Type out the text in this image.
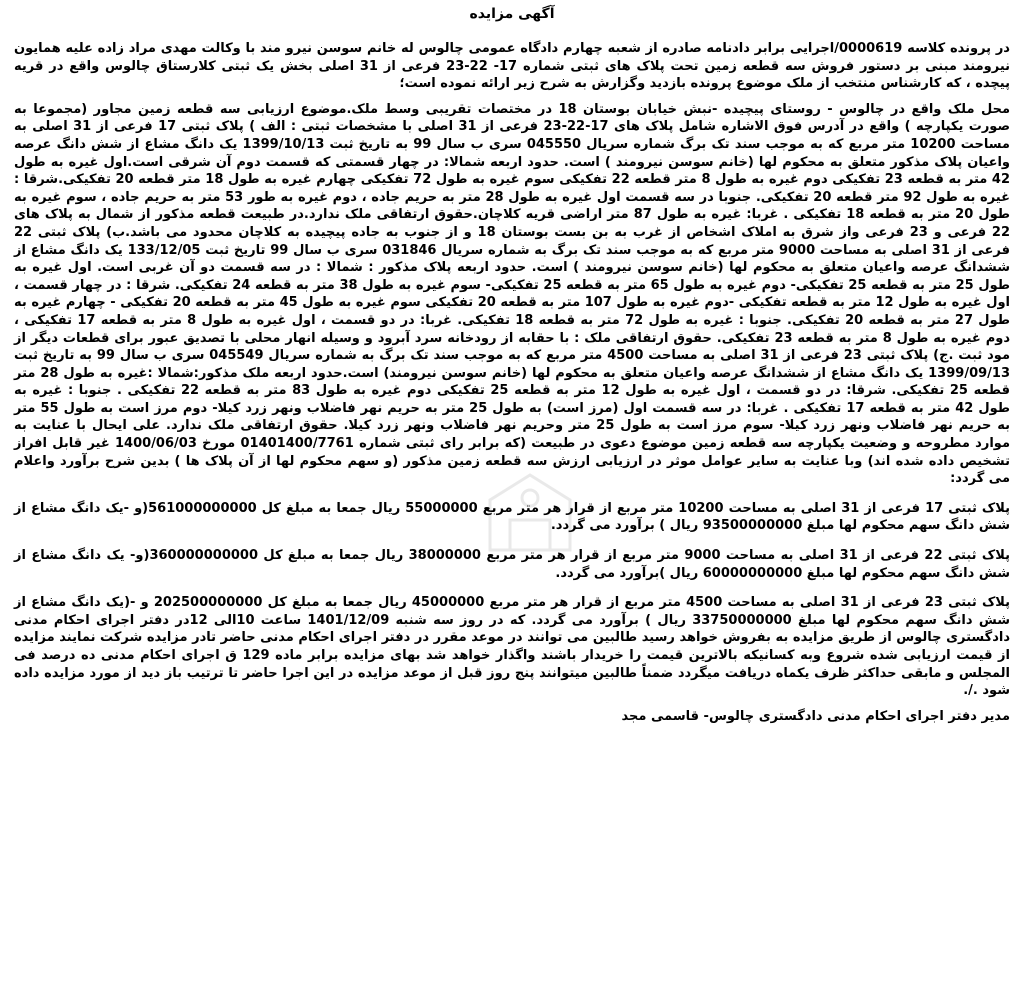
آگهی مزایده

در پرونده کلاسه 0000619/اجرایی برابر دادنامه صادره از شعبه چهارم دادگاه عمومی چالوس له خانم سوسن نیرو مند با وکالت مهدی مراد زاده علیه همایون نیرومند مبنی بر دستور فروش سه قطعه زمین تحت پلاک های ثبتی شماره 17- 22-23 فرعی از 31 اصلی بخش یک ثبتی کلارستاق چالوس واقع در قریه پیچده ، که کارشناس منتخب از ملک موضوع پرونده بازدید وگزارش به شرح زیر ارائه نموده است؛

محل ملک واقع در چالوس - روستای پیچیده -نبش خیابان بوستان 18 در مختصات تقریبی وسط ملک.موضوع ارزیابی سه قطعه زمین مجاور (مجموعا به صورت یکپارچه ) واقع در آدرس فوق الاشاره شامل پلاک های 17-22-23 فرعی از 31 اصلی با مشخصات ثبتی : الف ) پلاک ثبتی 17 فرعی از 31 اصلی به مساحت 10200 متر مربع که به موجب سند تک برگ شماره سریال 045550 سری ب سال 99 به تاریخ ثبت 1399/10/13 یک دانگ مشاع از شش دانگ عرصه واعیان پلاک مذکور متعلق به محکوم لها (خانم سوسن نیرومند ) است. حدود اربعه شمالا: در چهار قسمتی که قسمت دوم آن شرقی است.اول غیره به طول 42 متر به قطعه 23 تفکیکی دوم غیره به طول 8 متر قطعه 22 تفکیکی سوم غیره به طول 72 تفکیکی چهارم غیره به طول 18 متر قطعه 20 تفکیکی.شرقا : غیره به طول 92 متر قطعه 20 تفکیکی. جنوبا در سه قسمت اول غیره به طول 28 متر به حریم جاده ، دوم غیره به طور 53 متر به حریم جاده ، سوم غیره به طول 20 متر به قطعه 18 تفکیکی . غربا: غیره به طول 87 متر اراضی قریه کلاچان.حقوق ارتفاقی ملک ندارد.در طبیعت قطعه مذکور از شمال به پلاک های 22 فرعی و 23 فرعی واز شرق به املاک اشخاص از غرب به بن بست بوستان 18 و از جنوب به جاده پیچیده به کلاچان محدود می باشد.ب) پلاک ثبتی 22 فرعی از 31 اصلی به مساحت 9000 متر مربع که به موجب سند تک برگ به شماره سریال 031846 سری ب سال 99 تاریخ ثبت 133/12/05 یک دانگ مشاع از ششدانگ عرصه واعیان متعلق به محکوم لها (خانم سوسن نیرومند ) است. حدود اربعه پلاک مذکور : شمالا : در سه قسمت دو آن غربی است. اول غیره به طول 25 متر به قطعه 25 تفکیکی- دوم غیره به طول 65 متر به قطعه 25 تفکیکی- سوم غیره به طول 38 متر به قطعه 24 تفکیکی. شرقا : در چهار قسمت ، اول غیره به طول 12 متر به قطعه تفکیکی -دوم غیره به طول 107 متر به قطعه 20 تفکیکی سوم غیره به طول 45 متر به قطعه 20 تفکیکی - چهارم غیره به طول 27 متر به قطعه 20 تفکیکی. جنوبا : غیره به طول 72 متر به قطعه 18 تفکیکی. غربا: در دو قسمت ، اول غیره به طول 8 متر به قطعه 17 تفکیکی ، دوم غیره به طول 8 متر به قطعه 23 تفکیکی. حقوق ارتفاقی ملک : با حقابه از رودخانه سرد آبرود و وسیله انهار محلی با تصدیق عبور برای قطعات دیگر از مود ثبت .ج) پلاک ثبتی 23 فرعی از 31 اصلی به مساحت 4500 متر مربع که به موجب سند تک برگ به شماره سریال 045549 سری ب سال 99 به تاریخ ثبت 1399/09/13 یک دانگ مشاع از ششدانگ عرصه واعیان متعلق به محکوم لها (خانم سوسن نیرومند) است.حدود اربعه ملک مذکور:شمالا :غیره به طول 28 متر قطعه 25 تفکیکی. شرقا: در دو قسمت ، اول غیره به طول 12 متر به قطعه 25 تفکیکی دوم غیره به طول 83 متر به قطعه 22 تفکیکی . جنوبا : غیره به طول 42 متر به قطعه 17 تفکیکی . غربا: در سه قسمت اول (مرز است) به طول 25 متر به حریم نهر فاضلاب ونهر زرد کیلا- دوم مرز است به طول 55 متر به حریم نهر فاضلاب ونهر زرد کیلا- سوم مرز است به طول 25 متر وحریم نهر فاضلاب ونهر زرد کیلا. حقوق ارتفاقی ملک ندارد. علی ایحال با عنایت به موارد مطروحه و وضعیت یکپارچه سه قطعه زمین موضوع دعوی در طبیعت (که برابر رای ثبتی شماره 01401400/7761 مورخ 1400/06/03 غیر قابل افراز تشخیص داده شده اند) وبا عنایت به سایر عوامل موثر در ارزیابی ارزش سه قطعه زمین مذکور (و سهم محکوم لها از آن پلاک ها ) بدین شرح برآورد واعلام می گردد:

پلاک ثبتی 17 فرعی از 31 اصلی به مساحت 10200 متر مربع از قرار هر متر مربع 55000000 ریال جمعا به مبلغ کل 561000000000(و -یک دانگ مشاع از شش دانگ سهم محکوم لها مبلغ 93500000000 ریال ) برآورد می گردد.

پلاک ثبتی 22 فرعی از 31 اصلی به مساحت 9000 متر مربع از قرار هر متر مربع 38000000 ریال جمعا به مبلغ کل 360000000000(و- یک دانگ مشاع از شش دانگ سهم محکوم لها مبلغ 60000000000 ریال )برآورد می گردد.

پلاک ثبتی 23 فرعی از 31 اصلی به مساحت 4500 متر مربع از قرار هر متر مربع 45000000 ریال جمعا به مبلغ کل 202500000000 و -(یک دانگ مشاع از شش دانگ سهم محکوم لها مبلغ 33750000000 ریال ) برآورد می گردد. که در روز سه شنبه 1401/12/09 ساعت 10الی 12در دفتر اجرای احکام مدنی دادگستری چالوس از طریق مزایده به بفروش خواهد رسید طالبین می توانند در موعد مقرر در دفتر اجرای احکام مدنی حاضر تادر مزایده شرکت نمایند مزایده از قیمت ارزیابی شده شروع وبه کسانیکه بالاترین قیمت را خریدار باشند واگذار خواهد شد بهای مزایده برابر ماده 129 ق اجرای احکام مدنی ده درصد فی المجلس و مابقی حداکثر ظرف یکماه دریافت میگردد ضمناً طالبین میتوانند پنج روز قبل از موعد مزایده در این اجرا حاضر تا ترتیب باز دید از مورد مزایده داده شود ./.

مدیر دفتر اجرای احکام مدنی دادگستری چالوس- قاسمی مجد
